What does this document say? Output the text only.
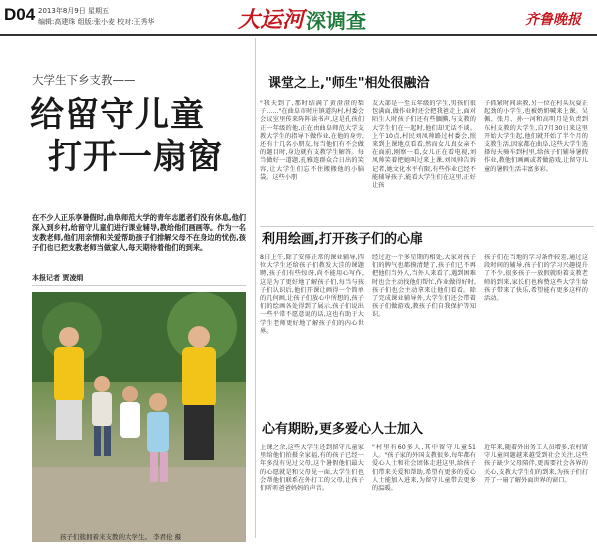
D04 2013年8月9日 星期五
编辑:高建珠 组版:张小麦 校对:王秀华	大运河 深调查	齐鲁晚报
大学生下乡支教——
给留守儿童
打开一扇窗
在不少人正乐享暑假时,曲阜师范大学的青年志愿者们没有休息,他们深入到乡村,给留守儿童们进行课业辅导,教给他们画画等。作为一名支教老师,他们用亲情和关爱帮助孩子们排解父母不在身边的忧伤,孩子们也已把支教老师当做家人,每天期待着他们的到来。
本报记者 贾凌绢
孩子们簇拥着来支教的大学生。 李君伦 摄
课堂之上,"师生"相处很融洽
"我天到了,那时结满了黄澄澄的梨子……"在曲阜市时庄镇道沟村,村委会会议室里传来阵阵读书声,这是孔孩们正一年级的他,正在由曲阜师范大学支教大学生的指导下做作业,在他的身旁,还有十几名小朋友,每当他们有不会做的题目时,身边就有支教学生解答。每当做好一道题,孔雅连群众合日出的笑容,让大学生们忘不住搬搬他的小脑袋。这些小朋
友大部是一至五年级的学生,男孩们很包满面,做作业时还会把我爸走上,面对陌生人时孩子们还有些腼腆,与支教的大学生们在一起时,他们却无话不谈。上午10点,村民刘凤帅路过村委会,照来到上课地点看看,然而女儿真女亲不在面前,刚察一看,女儿正在看电视,刘凤帅笑着把她叫过来上课,刘凤帅告诉记者,她文化水平有限,有些作业已经不能辅导孩子,能看大学生们在这里,正好让孩
子抓紧时间读教,另一位在村头玩耍正起劲的小学生,也被奶奶喊来上课。吴佩、张月、孙一河和高明月是负责到东村支教的大学生,自7月30日来这里开始大学生起,他们就开始了半个月的支教生活,因家都在曲阜,这些大学生选择每天骑车到村里,给孩子们辅导暑假作业,教他们画画或者做游戏,让留守儿童的暑假生活丰富多彩。
利用绘画,打开孩子们的心扉
8日上午,除了安排正常的课业辅导,四位大学生还给孩子们教发大洼的课题聘,孩子们有些惊讶,尚不能用心写作,这是为了更好地了解孩子们,每当与孩子们认识后,他们开课让画得一个简单的几何画,让孩子们放心中所想的,孩子们的绘画各处得到了展示,孩子们说出一些平常不愿意说的话,这也有助于大学生老师更好地了解孩子们的内心世界。
经过近一个多星期的相处,大家对孩子们的脾气也都摸清楚了,孩子们已不再把他们当外人,当外人来看了,遇到困难时也会主动找他们帮忙,作业做得好时,孩子们也会主动拿来让他们看看。除了完成课业辅导外,大学生们还会带着孩子们做游戏,教孩子们自我保护等知识。
孩子们在当地的学习条件较差,通过这段时间的辅导,孩子们的学习兴趣提升了不少,很多孩子一放假就盼着支教老师的到来,家长们也称赞这些大学生给孩子带来了快乐,希望能有更多这样的活动。
心有期盼,更多爱心人士加入
上课之余,这些大学生还到留守儿童家里给他们拍摄全家福,有的孩子已经一年多没有见过父母,这个暑假他们最大的心愿就是和父母见一面,大学生们也会帮他们联系在外打工的父母,让孩子们听听爸爸妈妈的声音。
"村里有60多人,其中留守儿童51人。"孩子家的外国支教很多,每年都有爱心人士和社会团体走进这里,给孩子们带来关爱和帮助,希望有更多的爱心人士能加入进来,为留守儿童带去更多的温暖。
近年来,随着外出务工人员增多,农村留守儿童问题越来越受到社会关注,这些孩子缺少父母陪伴,更需要社会各界的关心,支教大学生们的到来,为孩子们打开了一扇了解外面世界的窗口。
